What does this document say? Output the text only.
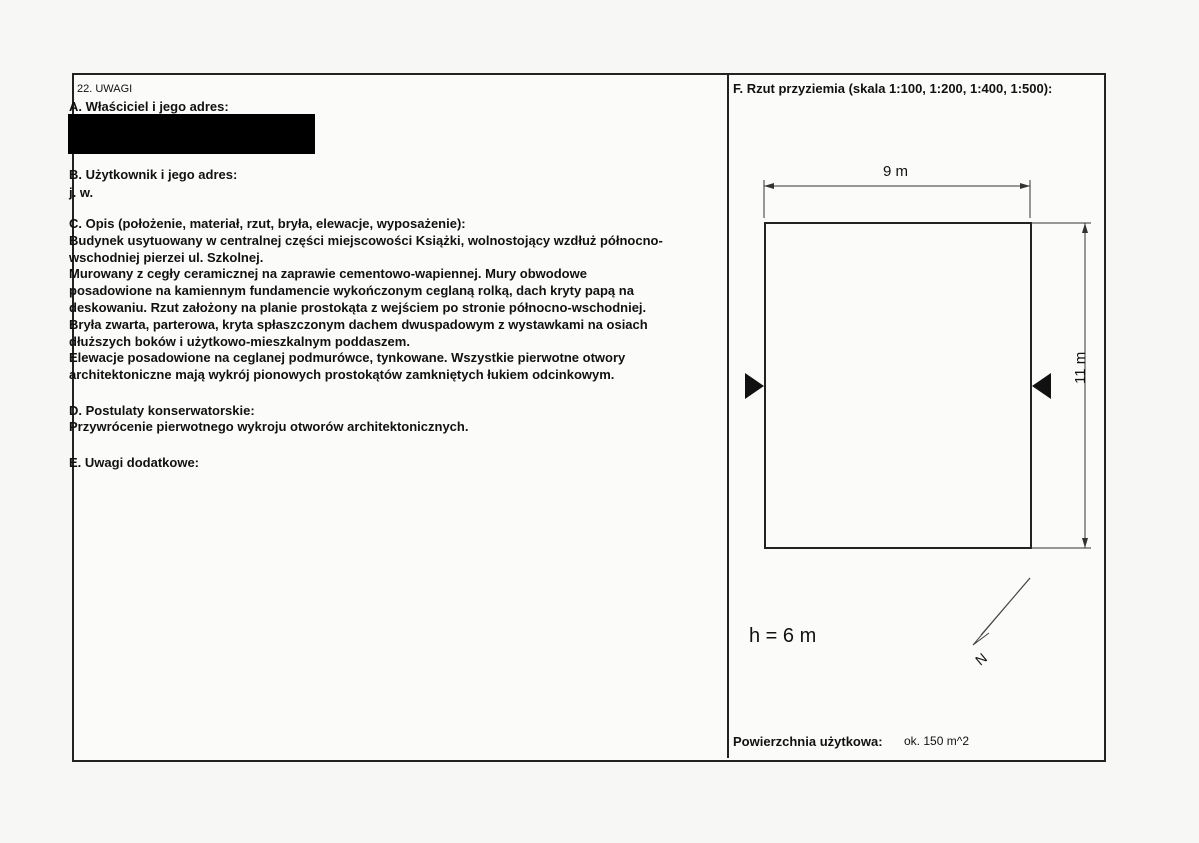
22. UWAGI
A. Właściciel i jego adres:
B. Użytkownik i jego adres:
j. w.
C. Opis (położenie, materiał, rzut, bryła, elewacje, wyposażenie):
Budynek usytuowany w centralnej części miejscowości Książki, wolnostojący wzdłuż północno-
wschodniej pierzei ul. Szkolnej.
Murowany z cegły ceramicznej na zaprawie cementowo-wapiennej. Mury obwodowe
posadowione na kamiennym fundamencie wykończonym ceglaną rolką, dach kryty papą na
deskowaniu. Rzut założony na planie prostokąta z wejściem po stronie północno-wschodniej.
Bryła zwarta, parterowa, kryta spłaszczonym dachem dwuspadowym z wystawkami na osiach
dłuższych boków i użytkowo-mieszkalnym poddaszem.
Elewacje posadowione na ceglanej podmurówce, tynkowane. Wszystkie pierwotne otwory
architektoniczne mają wykrój pionowych prostokątów zamkniętych łukiem odcinkowym.
D. Postulaty konserwatorskie:
Przywrócenie pierwotnego wykroju otworów architektonicznych.
E. Uwagi dodatkowe:
F. Rzut przyziemia (skala 1:100, 1:200, 1:400, 1:500):
9 m
11 m
h = 6 m
N
Powierzchnia użytkowa: ok. 150 m^2
